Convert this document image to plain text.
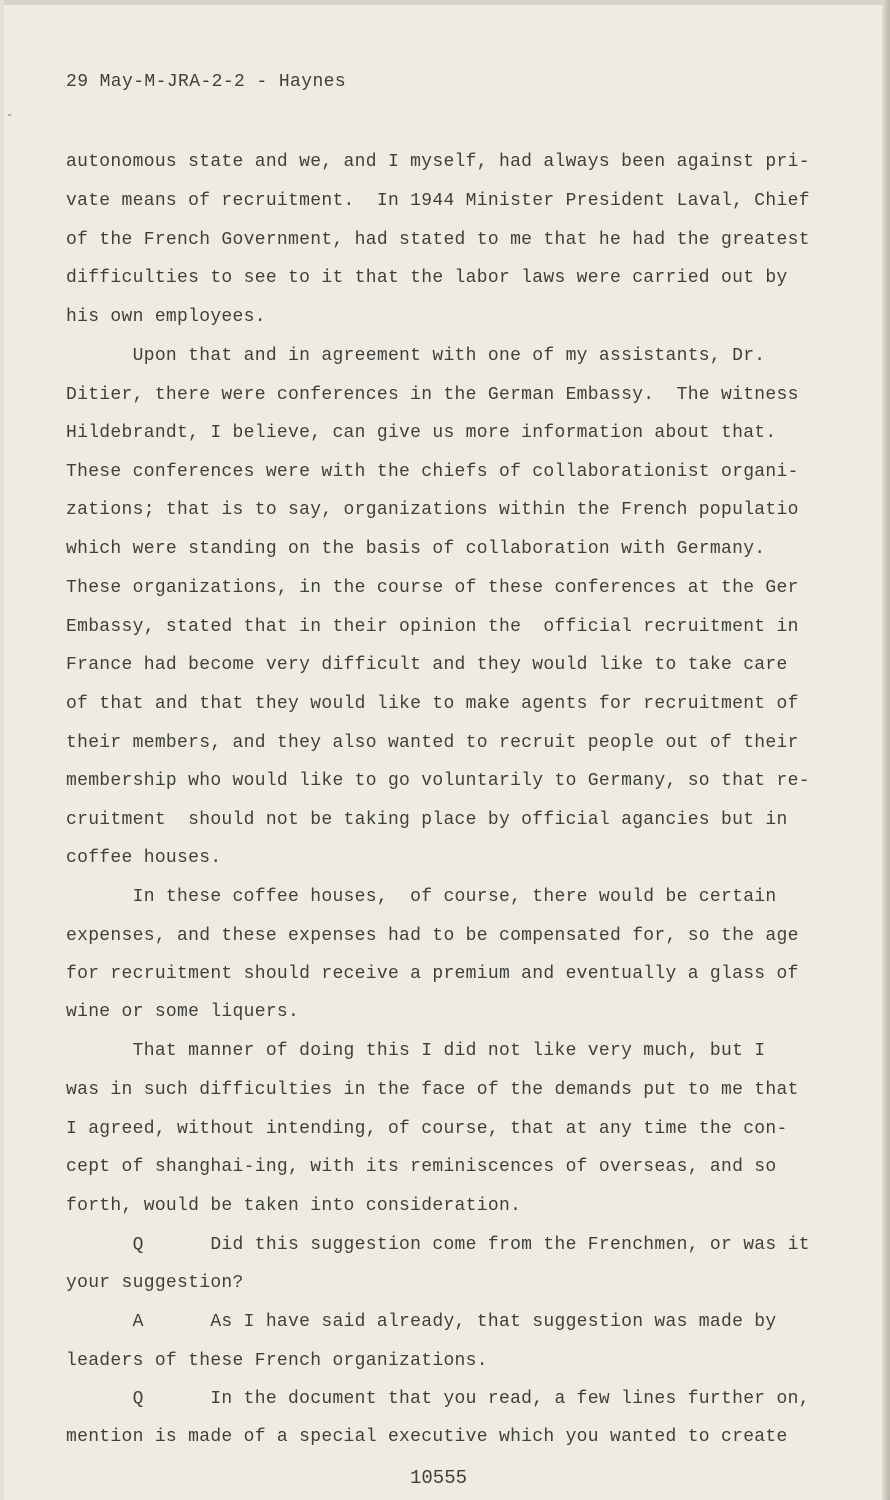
-
29 May-M-JRA-2-2 - Haynes
autonomous state and we, and I myself, had always been against pri-
vate means of recruitment.  In 1944 Minister President Laval, Chief
of the French Government, had stated to me that he had the greatest
difficulties to see to it that the labor laws were carried out by
his own employees.
Upon that and in agreement with one of my assistants, Dr.
Ditier, there were conferences in the German Embassy.  The witness
Hildebrandt, I believe, can give us more information about that.
These conferences were with the chiefs of collaborationist organi-
zations; that is to say, organizations within the French populatio
which were standing on the basis of collaboration with Germany.
These organizations, in the course of these conferences at the Ger
Embassy, stated that in their opinion the  official recruitment in
France had become very difficult and they would like to take care
of that and that they would like to make agents for recruitment of
their members, and they also wanted to recruit people out of their
membership who would like to go voluntarily to Germany, so that re-
cruitment  should not be taking place by official agancies but in
coffee houses.
In these coffee houses,  of course, there would be certain
expenses, and these expenses had to be compensated for, so the age
for recruitment should receive a premium and eventually a glass of
wine or some liquers.
That manner of doing this I did not like very much, but I
was in such difficulties in the face of the demands put to me that
I agreed, without intending, of course, that at any time the con-
cept of shanghai-ing, with its reminiscences of overseas, and so
forth, would be taken into consideration.
Q      Did this suggestion come from the Frenchmen, or was it
your suggestion?
A      As I have said already, that suggestion was made by
leaders of these French organizations.
Q      In the document that you read, a few lines further on,
mention is made of a special executive which you wanted to create
10555
